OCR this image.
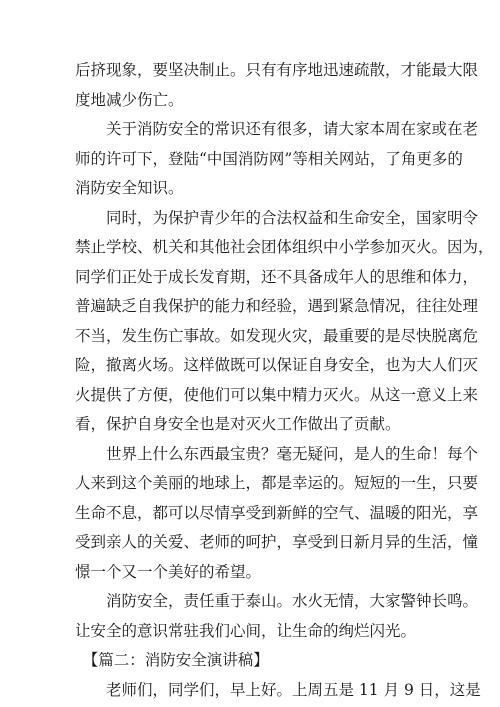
后挤现象，要坚决制止。只有有序地迅速疏散，才能最大限
度地减少伤亡。
　　关于消防安全的常识还有很多，请大家本周在家或在老
师的许可下，登陆“中国消防网”等相关网站，了角更多的
消防安全知识。
　　同时，为保护青少年的合法权益和生命安全，国家明令
禁止学校、机关和其他社会团体组织中小学参加灭火。因为，
同学们正处于成长发育期，还不具备成年人的思维和体力，
普遍缺乏自我保护的能力和经验，遇到紧急情况，往往处理
不当，发生伤亡事故。如发现火灾，最重要的是尽快脱离危
险，撤离火场。这样做既可以保证自身安全，也为大人们灭
火提供了方便，使他们可以集中精力灭火。从这一意义上来
看，保护自身安全也是对灭火工作做出了贡献。
　　世界上什么东西最宝贵？毫无疑问，是人的生命！每个
人来到这个美丽的地球上，都是幸运的。短短的一生，只要
生命不息，都可以尽情享受到新鲜的空气、温暖的阳光，享
受到亲人的关爱、老师的呵护，享受到日新月异的生活，憧
憬一个又一个美好的希望。
　　消防安全，责任重于泰山。水火无情，大家警钟长鸣。
让安全的意识常驻我们心间，让生命的绚烂闪光。
　【篇二：消防安全演讲稿】
　　老师们，同学们，早上好。上周五是 11 月 9 日，这是
